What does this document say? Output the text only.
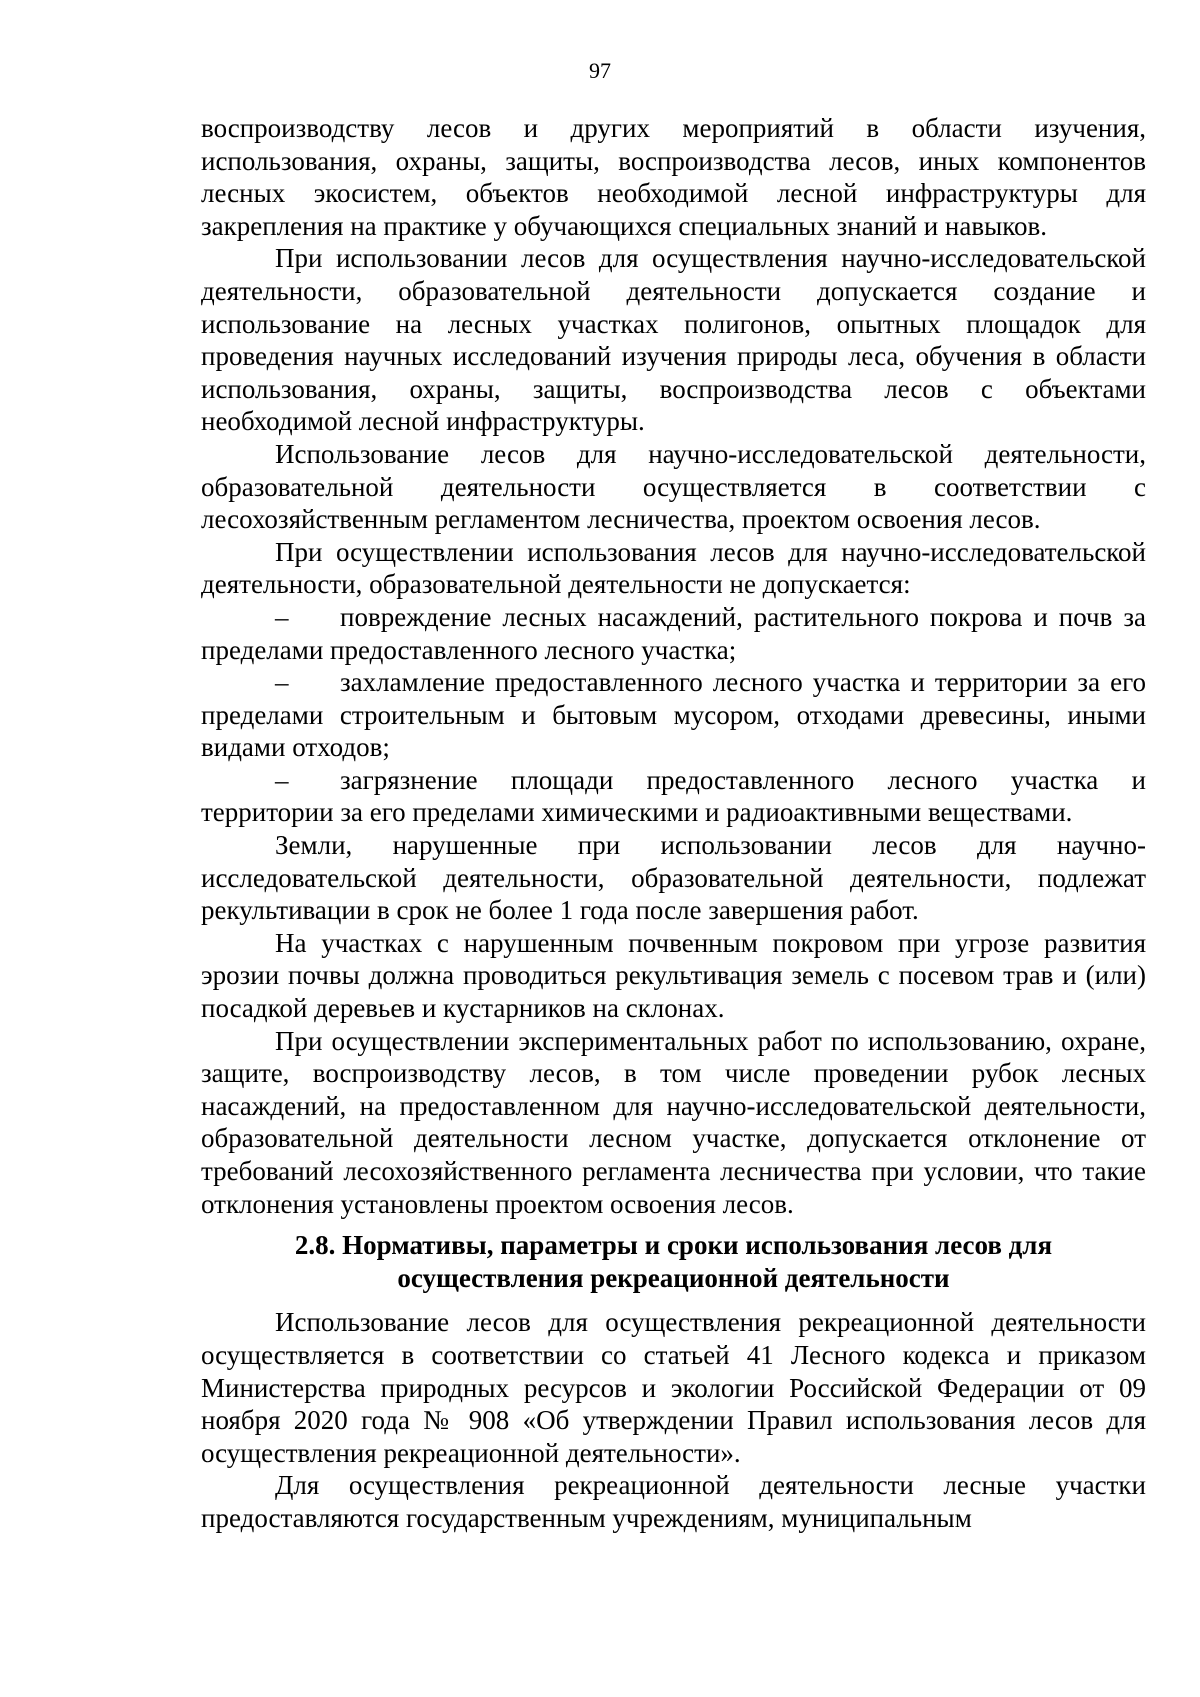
97

воспроизводству лесов и других мероприятий в области изучения, использования, охраны, защиты, воспроизводства лесов, иных компонентов лесных экосистем, объектов необходимой лесной инфраструктуры для закрепления на практике у обучающихся специальных знаний и навыков.

При использовании лесов для осуществления научно-исследовательской деятельности, образовательной деятельности допускается создание и использование на лесных участках полигонов, опытных площадок для проведения научных исследований изучения природы леса, обучения в области использования, охраны, защиты, воспроизводства лесов с объектами необходимой лесной инфраструктуры.

Использование лесов для научно-исследовательской деятельности, образовательной деятельности осуществляется в соответствии с лесохозяйственным регламентом лесничества, проектом освоения лесов.

При осуществлении использования лесов для научно-исследовательской деятельности, образовательной деятельности не допускается:

– повреждение лесных насаждений, растительного покрова и почв за пределами предоставленного лесного участка;

– захламление предоставленного лесного участка и территории за его пределами строительным и бытовым мусором, отходами древесины, иными видами отходов;

– загрязнение площади предоставленного лесного участка и территории за его пределами химическими и радиоактивными веществами.

Земли, нарушенные при использовании лесов для научно-исследовательской деятельности, образовательной деятельности, подлежат рекультивации в срок не более 1 года после завершения работ.

На участках с нарушенным почвенным покровом при угрозе развития эрозии почвы должна проводиться рекультивация земель с посевом трав и (или) посадкой деревьев и кустарников на склонах.

При осуществлении экспериментальных работ по использованию, охране, защите, воспроизводству лесов, в том числе проведении рубок лесных насаждений, на предоставленном для научно-исследовательской деятельности, образовательной деятельности лесном участке, допускается отклонение от требований лесохозяйственного регламента лесничества при условии, что такие отклонения установлены проектом освоения лесов.

2.8. Нормативы, параметры и сроки использования лесов для осуществления рекреационной деятельности

Использование лесов для осуществления рекреационной деятельности осуществляется в соответствии со статьей 41 Лесного кодекса и приказом Министерства природных ресурсов и экологии Российской Федерации от 09 ноября 2020 года № 908 «Об утверждении Правил использования лесов для осуществления рекреационной деятельности».

Для осуществления рекреационной деятельности лесные участки предоставляются государственным учреждениям, муниципальным
